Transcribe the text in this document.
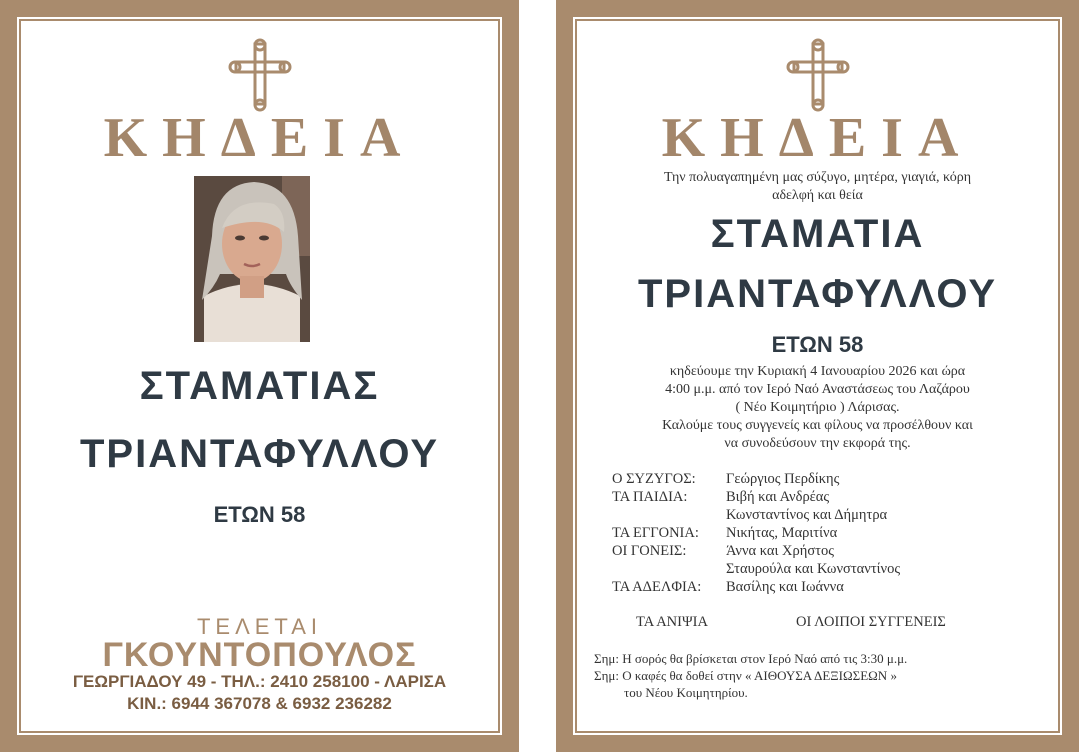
ΚΗΔΕΙΑ
ΣΤΑΜΑΤΙΑΣ
ΤΡΙΑΝΤΑΦΥΛΛΟΥ
ΕΤΩΝ 58
ΤΕΛΕΤΑΙ
ΓΚΟΥΝΤΟΠΟΥΛΟΣ
ΓΕΩΡΓΙΑΔΟΥ 49 - ΤΗΛ.: 2410 258100 - ΛΑΡΙΣΑ
ΚΙΝ.: 6944 367078 & 6932 236282
ΚΗΔΕΙΑ
Την πολυαγαπημένη μας σύζυγο, μητέρα, γιαγιά, κόρη
αδελφή και θεία
ΣΤΑΜΑΤΙΑ
ΤΡΙΑΝΤΑΦΥΛΛΟΥ
ΕΤΩΝ 58
κηδεύουμε την Κυριακή 4 Ιανουαρίου 2026 και ώρα
4:00 μ.μ. από τον Ιερό Ναό Αναστάσεως του Λαζάρου
( Νέο Κοιμητήριο ) Λάρισας.
Καλούμε τους συγγενείς και φίλους να προσέλθουν και
να συνοδεύσουν την εκφορά της.
Ο ΣΥΖΥΓΟΣ: Γεώργιος Περδίκης
ΤΑ ΠΑΙΔΙΑ:	Βιβή και Ανδρέας
Κωνσταντίνος και Δήμητρα
ΤΑ ΕΓΓΟΝΙΑ: Νικήτας, Μαριτίνα
ΟΙ ΓΟΝΕΙΣ:	Άννα και Χρήστος
Σταυρούλα και Κωνσταντίνος
ΤΑ ΑΔΕΛΦΙΑ: Βασίλης και Ιωάννα
ΤΑ ΑΝΙΨΙΑ	ΟΙ ΛΟΙΠΟΙ ΣΥΓΓΕΝΕΙΣ
Σημ: Η σορός θα βρίσκεται στον Ιερό Ναό από τις 3:30 μ.μ.
Σημ: Ο καφές θα δοθεί στην « ΑΙΘΟΥΣΑ ΔΕΞΙΩΣΕΩΝ »
του Νέου Κοιμητηρίου.
